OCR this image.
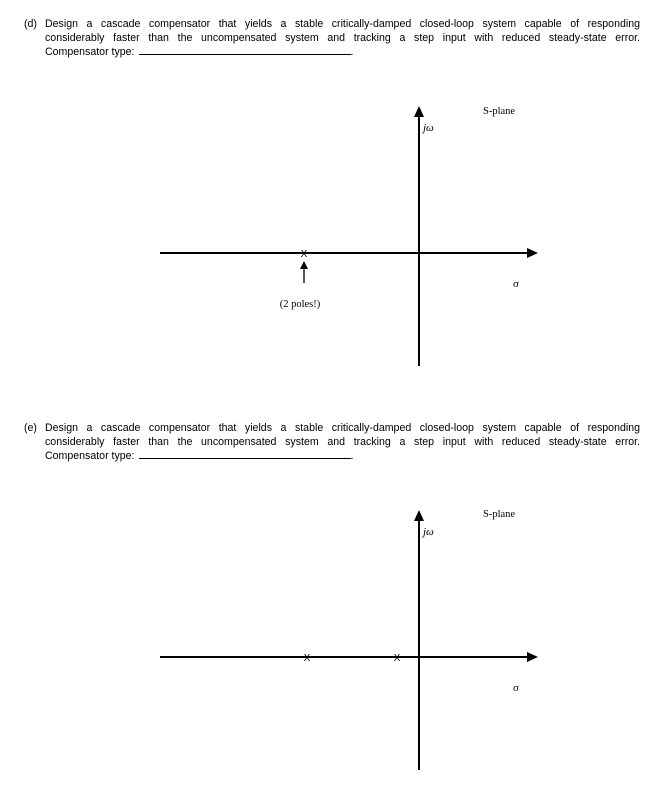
(d) Design a cascade compensator that yields a stable critically-damped closed-loop system capable of responding
considerably faster than the uncompensated system and tracking a step input with reduced steady-state error.
Compensator type:	.
S-plane
jω
σ
X
(2 poles!)
(e) Design a cascade compensator that yields a stable critically-damped closed-loop system capable of responding
considerably faster than the uncompensated system and tracking a step input with reduced steady-state error.
Compensator type:	.
S-plane
jω
σ
X	X
